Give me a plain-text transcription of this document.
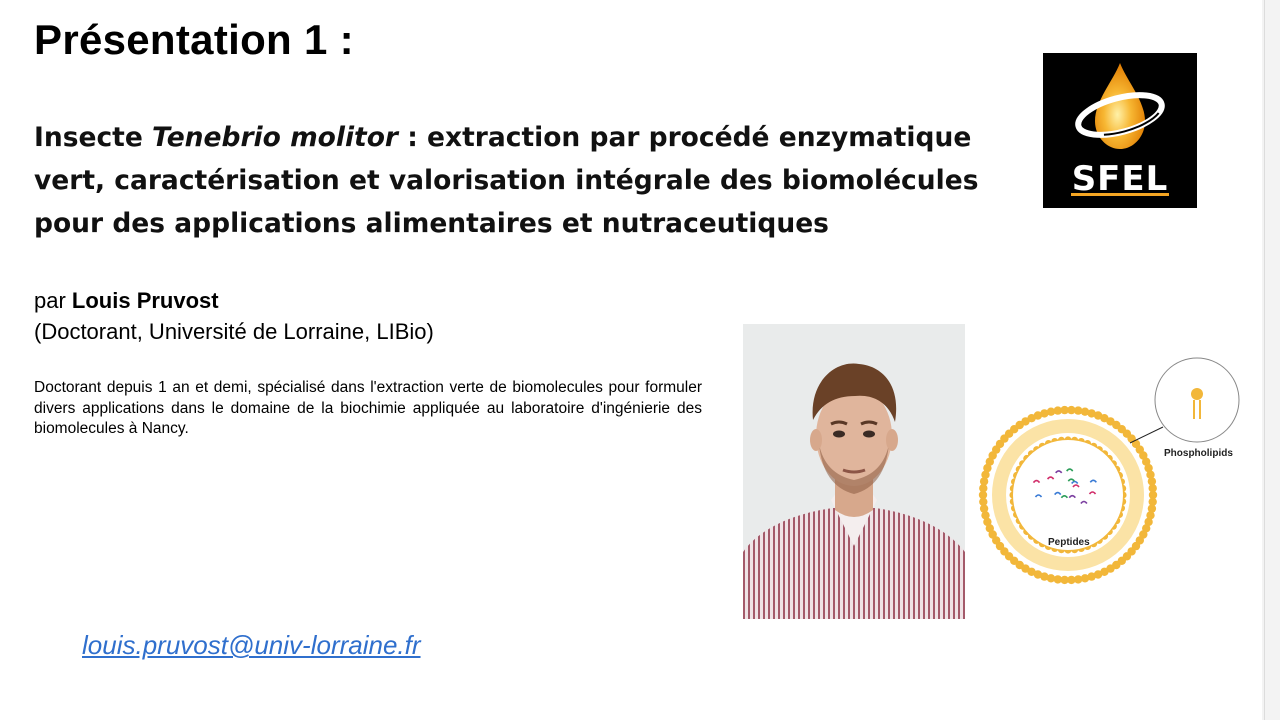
Présentation 1 :
Insecte Tenebrio molitor : extraction par procédé enzymatique vert, caractérisation et valorisation intégrale des biomolécules pour des applications alimentaires et nutraceutiques
par Louis Pruvost
(Doctorant, Université de Lorraine, LIBio)
Doctorant depuis 1 an et demi, spécialisé dans l'extraction verte de biomolecules pour formuler divers applications dans le domaine de la biochimie appliquée au laboratoire d'ingénierie des biomolecules à Nancy.
louis.pruvost@univ-lorraine.fr
SFEL
Phospholipids
Peptides
